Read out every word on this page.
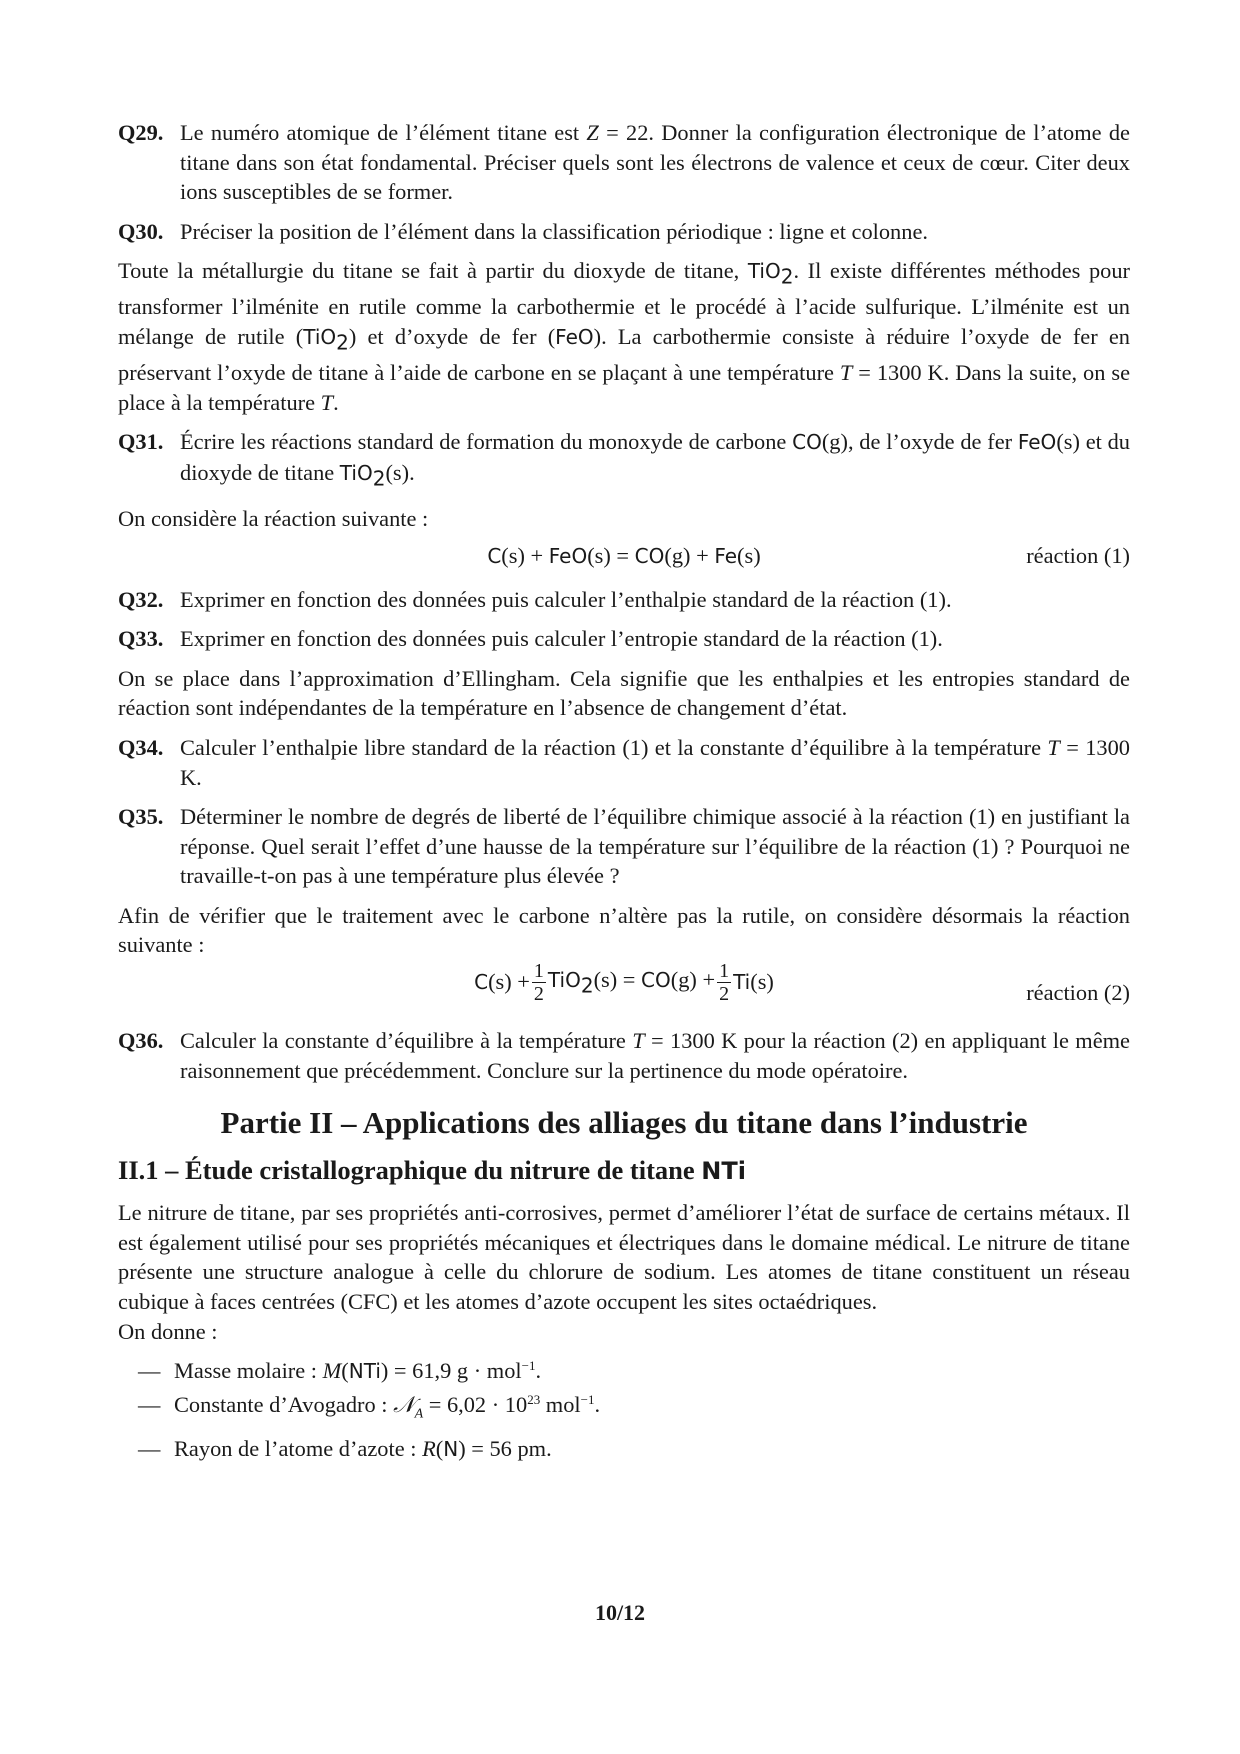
Q29. Le numéro atomique de l’élément titane est Z = 22. Donner la configuration électronique de l’atome de titane dans son état fondamental. Préciser quels sont les électrons de valence et ceux de cœur. Citer deux ions susceptibles de se former.
Q30. Préciser la position de l’élément dans la classification périodique : ligne et colonne.

Toute la métallurgie du titane se fait à partir du dioxyde de titane, TiO$_2$. Il existe différentes méthodes pour transformer l’ilménite en rutile comme la carbothermie et le procédé à l’acide sulfurique. L’ilménite est un mélange de rutile (TiO$_2$) et d’oxyde de fer (FeO). La carbothermie consiste à réduire l’oxyde de fer en préservant l’oxyde de titane à l’aide de carbone en se plaçant à une température T = 1300 K. Dans la suite, on se place à la température T.

Q31. Écrire les réactions standard de formation du monoxyde de carbone CO(g), de l’oxyde de fer FeO(s) et du dioxyde de titane TiO$_2$(s).

On considère la réaction suivante :

C(s) + FeO(s) = CO(g) + Fe(s)	réaction (1)
Q32. Exprimer en fonction des données puis calculer l’enthalpie standard de la réaction (1).
Q33. Exprimer en fonction des données puis calculer l’entropie standard de la réaction (1).

On se place dans l’approximation d’Ellingham. Cela signifie que les enthalpies et les entropies standard de réaction sont indépendantes de la température en l’absence de changement d’état.

Q34. Calculer l’enthalpie libre standard de la réaction (1) et la constante d’équilibre à la température T = 1300 K.
Q35. Déterminer le nombre de degrés de liberté de l’équilibre chimique associé à la réaction (1) en justifiant la réponse. Quel serait l’effet d’une hausse de la température sur l’équilibre de la réaction (1) ? Pourquoi ne travaille-t-on pas à une température plus élevée ?

Afin de vérifier que le traitement avec le carbone n’altère pas la rutile, on considère désormais la réaction suivante :

$C(s) + \frac{1}{2} TiO_2(s) = CO(g) + \frac{1}{2} Ti(s)$	réaction (2)
Q36. Calculer la constante d’équilibre à la température T = 1300 K pour la réaction (2) en appliquant le même raisonnement que précédemment. Conclure sur la pertinence du mode opératoire.
Partie II – Applications des alliages du titane dans l’industrie
II.1 – Étude cristallographique du nitrure de titane NTi

Le nitrure de titane, par ses propriétés anti-corrosives, permet d’améliorer l’état de surface de certains métaux. Il est également utilisé pour ses propriétés mécaniques et électriques dans le domaine médical. Le nitrure de titane présente une structure analogue à celle du chlorure de sodium. Les atomes de titane constituent un réseau cubique à faces centrées (CFC) et les atomes d’azote occupent les sites octaédriques.

On donne :

— Masse molaire : M(NTi) = 61,9 g · mol$^{-1}$.
— Constante d’Avogadro : 𝒩$_A$ = $6,02 \cdot 10^{23}$ mol$^{-1}$.
— Rayon de l’atome d’azote : R(N) = 56 pm.
10/12
